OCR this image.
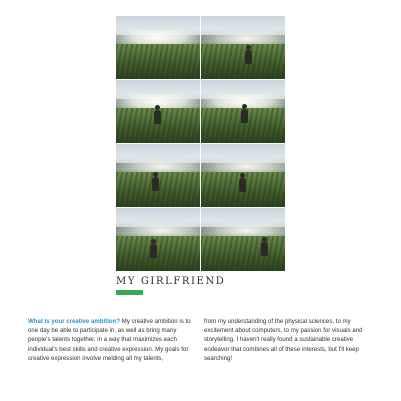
MY GIRLFRIEND

What is your creative ambition? My creative ambition is to one day be able to participate in, as well as bring many people's talents together, in a way that maximizes each individual's best skills and creative expression. My goals for creative expression involve melding all my talents,

from my understanding of the physical sciences, to my excitement about computers, to my passion for visuals and storytelling. I haven't really found a sustainable creative endeavor that combines all of these interests, but I'll keep searching!
